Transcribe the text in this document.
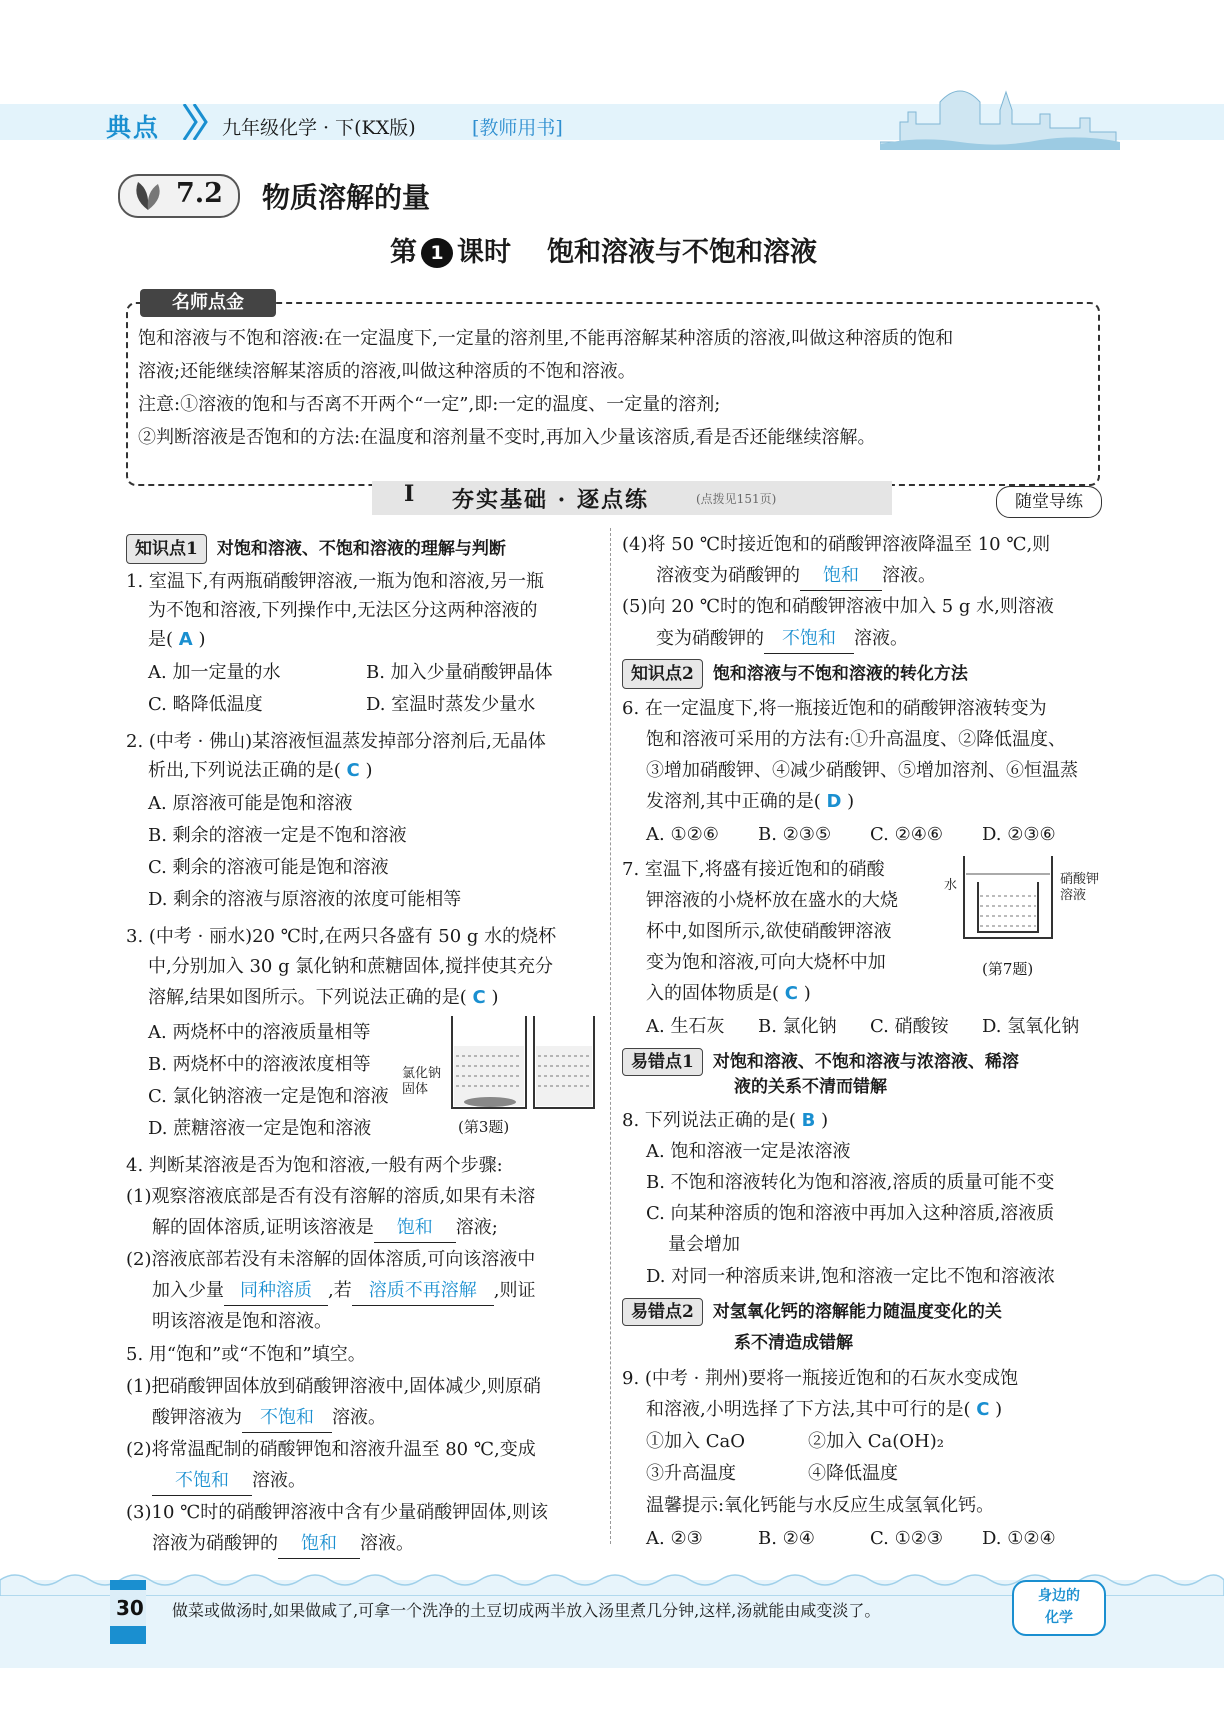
典点	九年级化学 · 下(KX版)	[教师用书]
7.2 物质溶解的量
第 1 课时 饱和溶液与不饱和溶液
名师点金
饱和溶液与不饱和溶液:在一定温度下,一定量的溶剂里,不能再溶解某种溶质的溶液,叫做这种溶质的饱和
溶液;还能继续溶解某溶质的溶液,叫做这种溶质的不饱和溶液。
注意:①溶液的饱和与否离不开两个“一定”,即:一定的温度、一定量的溶剂;
②判断溶液是否饱和的方法:在温度和溶剂量不变时,再加入少量该溶质,看是否还能继续溶解。
Ⅰ 夯实基础 · 逐点练	(点拨见151页)	随堂导练
知识点1 对饱和溶液、不饱和溶液的理解与判断
1. 室温下,有两瓶硝酸钾溶液,一瓶为饱和溶液,另一瓶
为不饱和溶液,下列操作中,无法区分这两种溶液的
是( A )
A. 加一定量的水	B. 加入少量硝酸钾晶体
C. 略降低温度	D. 室温时蒸发少量水
2. (中考 · 佛山)某溶液恒温蒸发掉部分溶剂后,无晶体
析出,下列说法正确的是( C )
A. 原溶液可能是饱和溶液
B. 剩余的溶液一定是不饱和溶液
C. 剩余的溶液可能是饱和溶液
D. 剩余的溶液与原溶液的浓度可能相等
3. (中考 · 丽水)20 ℃时,在两只各盛有 50 g 水的烧杯
中,分别加入 30 g 氯化钠和蔗糖固体,搅拌使其充分
溶解,结果如图所示。下列说法正确的是( C )
A. 两烧杯中的溶液质量相等
B. 两烧杯中的溶液浓度相等
C. 氯化钠溶液一定是饱和溶液
D. 蔗糖溶液一定是饱和溶液
氯化钠
固体
(第3题)
4. 判断某溶液是否为饱和溶液,一般有两个步骤:
(1)观察溶液底部是否有没有溶解的溶质,如果有未溶
解的固体溶质,证明该溶液是 饱和 溶液;
(2)溶液底部若没有未溶解的固体溶质,可向该溶液中
加入少量 同种溶质 ,若 溶质不再溶解 ,则证
明该溶液是饱和溶液。
5. 用“饱和”或“不饱和”填空。
(1)把硝酸钾固体放到硝酸钾溶液中,固体减少,则原硝
酸钾溶液为 不饱和 溶液。
(2)将常温配制的硝酸钾饱和溶液升温至 80 ℃,变成
不饱和 溶液。
(3)10 ℃时的硝酸钾溶液中含有少量硝酸钾固体,则该
溶液为硝酸钾的 饱和 溶液。
(4)将 50 ℃时接近饱和的硝酸钾溶液降温至 10 ℃,则
溶液变为硝酸钾的 饱和 溶液。
(5)向 20 ℃时的饱和硝酸钾溶液中加入 5 g 水,则溶液
变为硝酸钾的 不饱和 溶液。
知识点2 饱和溶液与不饱和溶液的转化方法
6. 在一定温度下,将一瓶接近饱和的硝酸钾溶液转变为
饱和溶液可采用的方法有:①升高温度、②降低温度、
③增加硝酸钾、④减少硝酸钾、⑤增加溶剂、⑥恒温蒸
发溶剂,其中正确的是( D )
A. ①②⑥ B. ②③⑤ C. ②④⑥ D. ②③⑥
7. 室温下,将盛有接近饱和的硝酸
钾溶液的小烧杯放在盛水的大烧
杯中,如图所示,欲使硝酸钾溶液
变为饱和溶液,可向大烧杯中加
入的固体物质是( C )
水	硝酸钾
溶液
(第7题)
A. 生石灰 B. 氯化钠 C. 硝酸铵 D. 氢氧化钠
易错点1 对饱和溶液、不饱和溶液与浓溶液、稀溶
液的关系不清而错解
8. 下列说法正确的是( B )
A. 饱和溶液一定是浓溶液
B. 不饱和溶液转化为饱和溶液,溶质的质量可能不变
C. 向某种溶质的饱和溶液中再加入这种溶质,溶液质
量会增加
D. 对同一种溶质来讲,饱和溶液一定比不饱和溶液浓
易错点2 对氢氧化钙的溶解能力随温度变化的关
系不清造成错解
9. (中考 · 荆州)要将一瓶接近饱和的石灰水变成饱
和溶液,小明选择了下方法,其中可行的是( C )
①加入 CaO	②加入 Ca(OH)₂
③升高温度	④降低温度
温馨提示:氧化钙能与水反应生成氢氧化钙。
A. ②③	B. ②④	C. ①②③ D. ①②④
30 做菜或做汤时,如果做咸了,可拿一个洗净的土豆切成两半放入汤里煮几分钟,这样,汤就能由咸变淡了。
身边的
化学
